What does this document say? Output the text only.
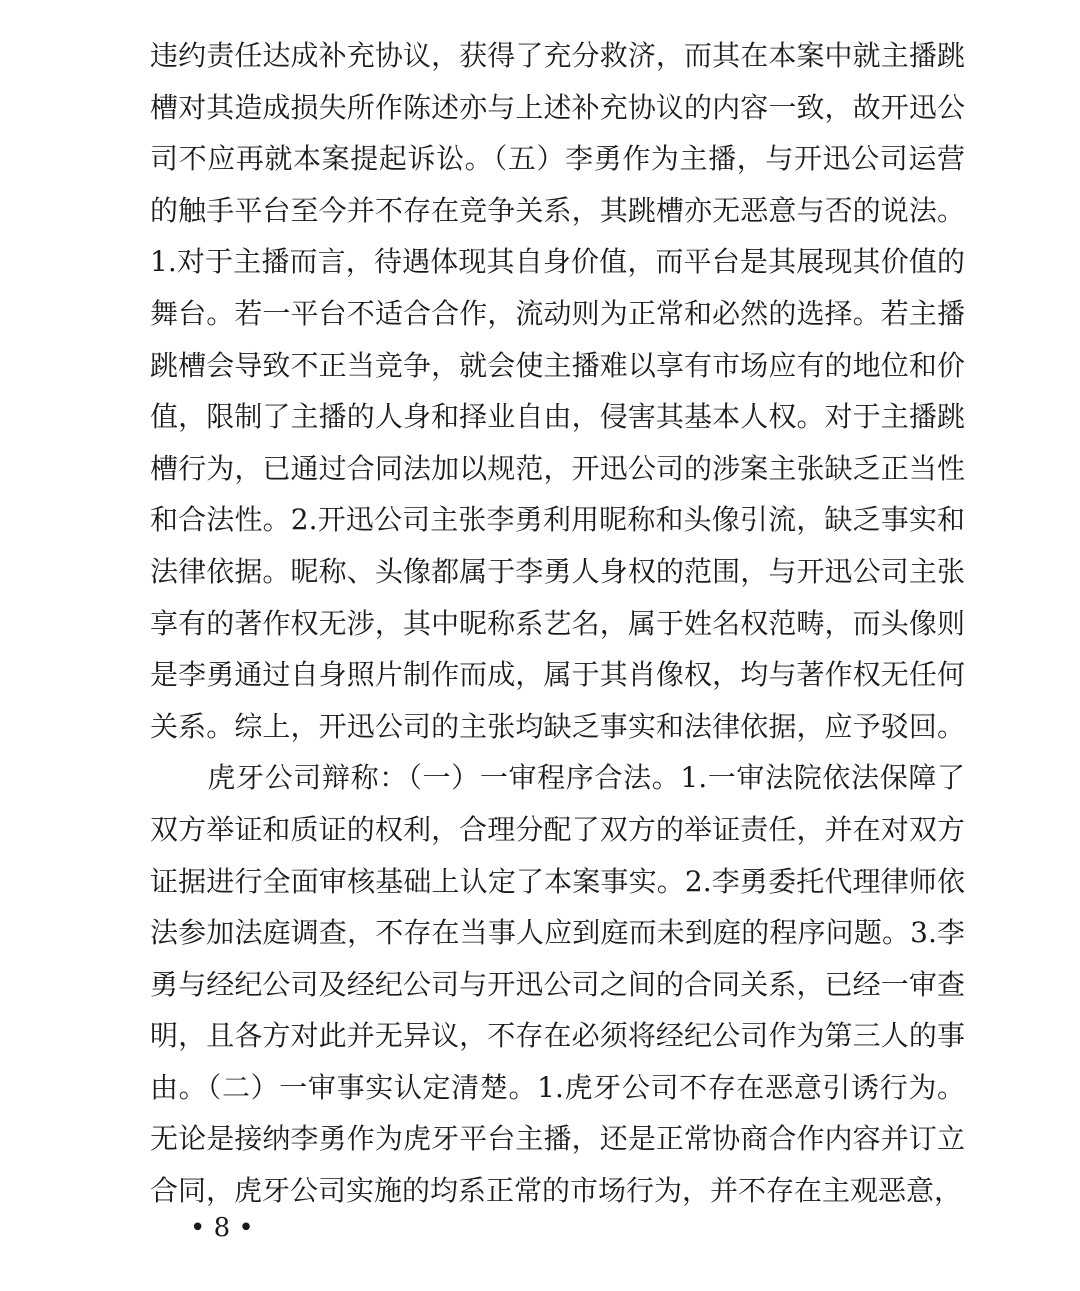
违约责任达成补充协议，获得了充分救济，而其在本案中就主播跳
槽对其造成损失所作陈述亦与上述补充协议的内容一致，故开迅公
司不应再就本案提起诉讼。（五）李勇作为主播，与开迅公司运营
的触手平台至今并不存在竞争关系，其跳槽亦无恶意与否的说法。
1.对于主播而言，待遇体现其自身价值，而平台是其展现其价值的
舞台。若一平台不适合合作，流动则为正常和必然的选择。若主播
跳槽会导致不正当竞争，就会使主播难以享有市场应有的地位和价
值，限制了主播的人身和择业自由，侵害其基本人权。对于主播跳
槽行为，已通过合同法加以规范，开迅公司的涉案主张缺乏正当性
和合法性。2.开迅公司主张李勇利用昵称和头像引流，缺乏事实和
法律依据。昵称、头像都属于李勇人身权的范围，与开迅公司主张
享有的著作权无涉，其中昵称系艺名，属于姓名权范畴，而头像则
是李勇通过自身照片制作而成，属于其肖像权，均与著作权无任何
关系。综上，开迅公司的主张均缺乏事实和法律依据，应予驳回。
　　虎牙公司辩称：（一）一审程序合法。1.一审法院依法保障了
双方举证和质证的权利，合理分配了双方的举证责任，并在对双方
证据进行全面审核基础上认定了本案事实。2.李勇委托代理律师依
法参加法庭调查，不存在当事人应到庭而未到庭的程序问题。3.李
勇与经纪公司及经纪公司与开迅公司之间的合同关系，已经一审查
明，且各方对此并无异议，不存在必须将经纪公司作为第三人的事
由。（二）一审事实认定清楚。1.虎牙公司不存在恶意引诱行为。
无论是接纳李勇作为虎牙平台主播，还是正常协商合作内容并订立
合同，虎牙公司实施的均系正常的市场行为，并不存在主观恶意，
• 8 •
